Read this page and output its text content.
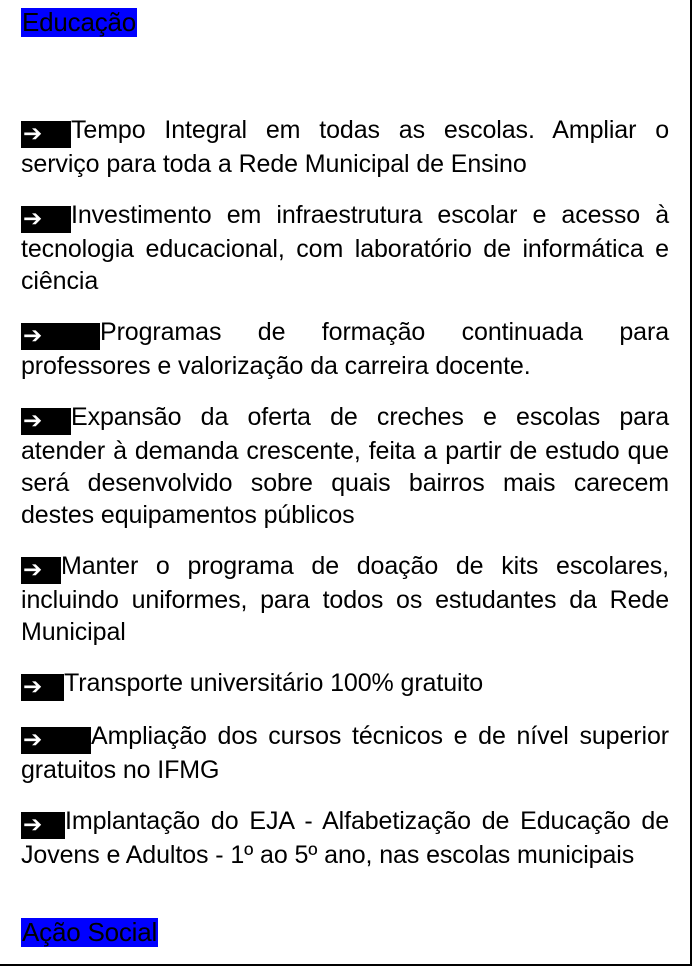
Educação

➔ Tempo Integral em todas as escolas. Ampliar o serviço para toda a Rede Municipal de Ensino

➔ Investimento em infraestrutura escolar e acesso à tecnologia educacional, com laboratório de informática e ciência

➔ Programas de formação continuada para professores e valorização da carreira docente.

➔ Expansão da oferta de creches e escolas para atender à demanda crescente, feita a partir de estudo que será desenvolvido sobre quais bairros mais carecem destes equipamentos públicos

➔ Manter o programa de doação de kits escolares, incluindo uniformes, para todos os estudantes da Rede Municipal

➔ Transporte universitário 100% gratuito

➔ Ampliação dos cursos técnicos e de nível superior gratuitos no IFMG

➔ Implantação do EJA - Alfabetização de Educação de Jovens e Adultos - 1º ao 5º ano, nas escolas municipais

Ação Social
